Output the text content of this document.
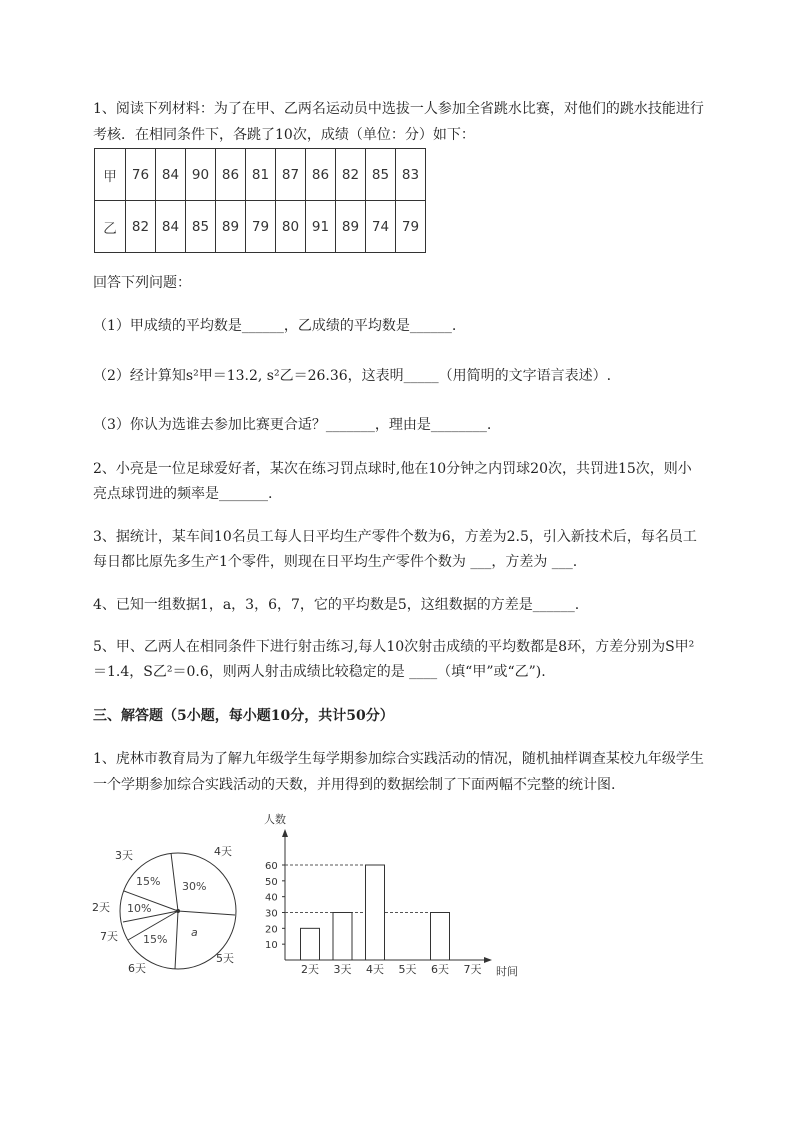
1、阅读下列材料：为了在甲、乙两名运动员中选拔一人参加全省跳水比赛，对他们的跳水技能进行
考核．在相同条件下，各跳了10次，成绩（单位：分）如下：
甲	76	84	90	86	81	87	86	82	85	83
乙	82	84	85	89	79	80	91	89	74	79
回答下列问题：
（1）甲成绩的平均数是______，乙成绩的平均数是______.
（2）经计算知s²甲＝13.2, s²乙＝26.36，这表明_____（用简明的文字语言表述）.
（3）你认为选谁去参加比赛更合适？_______，理由是________.
2、小亮是一位足球爱好者，某次在练习罚点球时,他在10分钟之内罚球20次，共罚进15次，则小
亮点球罚进的频率是_______.
3、据统计，某车间10名员工每人日平均生产零件个数为6，方差为2.5，引入新技术后，每名员工
每日都比原先多生产1个零件，则现在日平均生产零件个数为 ___，方差为 ___.
4、已知一组数据1，a，3，6，7，它的平均数是5，这组数据的方差是______.
5、甲、乙两人在相同条件下进行射击练习,每人10次射击成绩的平均数都是8环，方差分别为S甲²
＝1.4，S乙²＝0.6，则两人射击成绩比较稳定的是 ____（填“甲”或“乙”).
三、解答题（5小题，每小题10分，共计50分）
1、虎林市教育局为了解九年级学生每学期参加综合实践活动的情况，随机抽样调查某校九年级学生
一个学期参加综合实践活动的天数，并用得到的数据绘制了下面两幅不完整的统计图.
30%
a
15%
10%
15%
4天
5天
6天
7天
2天
3天
人数
时间
10
20
30
40
50
60
2天 3天 4天 5天 6天 7天
